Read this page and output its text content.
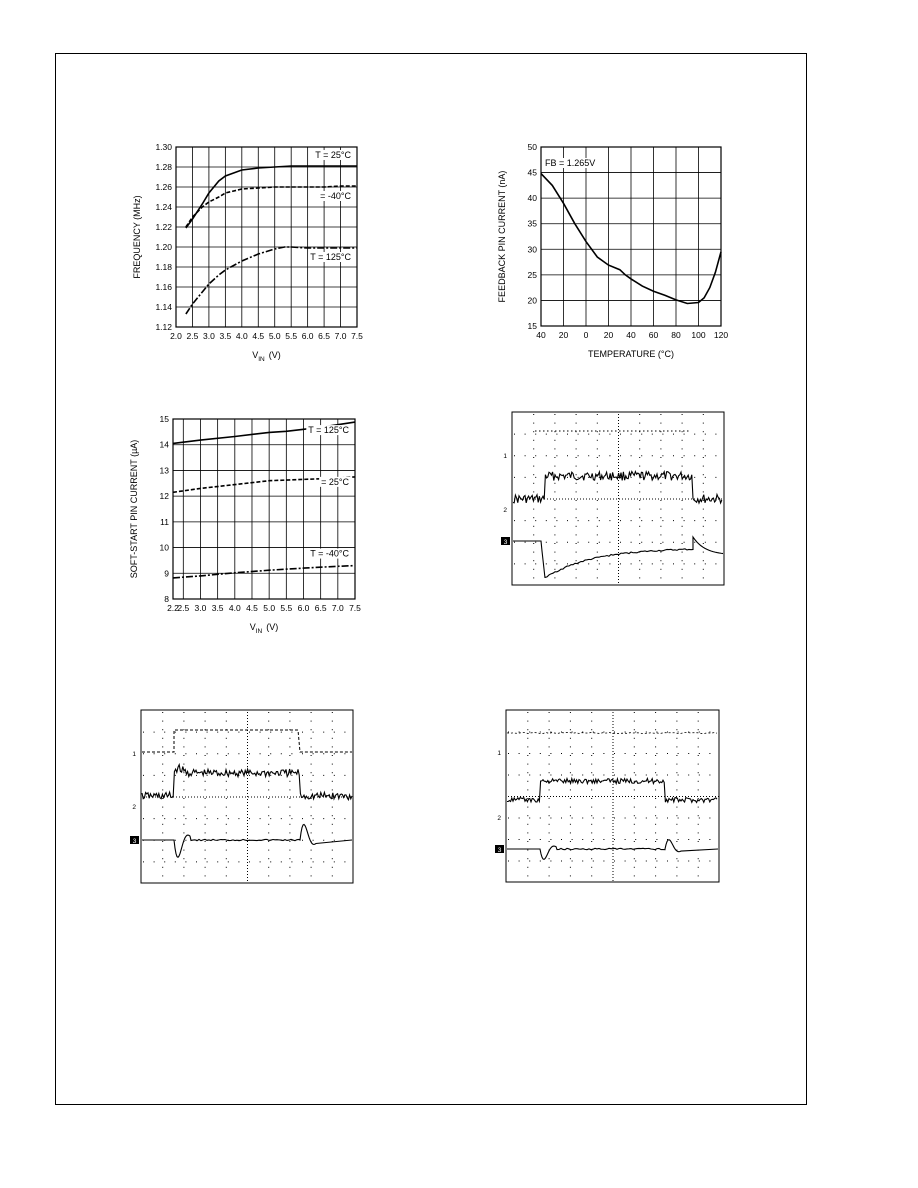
2.0 2.5 3.0 3.5 4.0 4.5 5.0 5.5 6.0 6.5 7.0 7.5
1.12
1.14
1.16
1.18
1.20
1.22
1.24
1.26
1.28
1.30
$V_{IN}$ (V)
FREQUENCY (MHz)
T = 25°C
= -40°C
T = 125°C
40 20 0 20 40 60 80 100 120
15
20
25
30
35
40
45
50
TEMPERATURE (°C)
FEEDBACK PIN CURRENT (nA)
FB = 1.265V
2.2
2.5 3.0 3.5 4.0 4.5 5.0 5.5 6.0 6.5 7.0 7.5
8
9
10
11
12
13
14
15
$V_{IN}$ (V)
SOFT-START PIN CURRENT (µA)
T = 125°C
= 25°C
T = -40°C
1
2
3
1
2
3
1
2
3
